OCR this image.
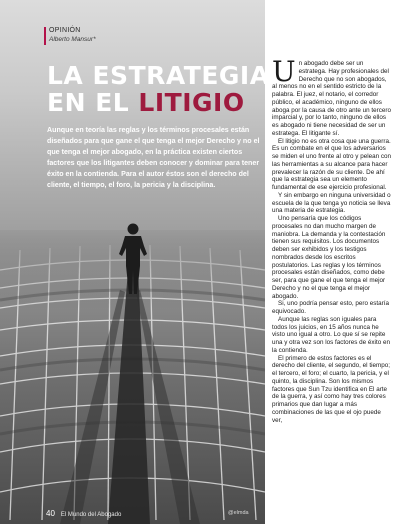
OPINIÓN
Alberto Mansur*
LA ESTRATEGIA
EN EL LITIGIO

Aunque en teoría las reglas y los términos procesales están diseñados para que gane el que tenga el mejor Derecho y no el que tenga el mejor abogado, en la práctica existen ciertos factores que los litigantes deben conocer y dominar para tener éxito en la contienda. Para el autor éstos son el derecho del cliente, el tiempo, el foro, la pericia y la disciplina.

Un abogado debe ser un estratega. Hay profesionales del Derecho que no son abogados, al menos no en el sentido estricto de la palabra. El juez, el notario, el corredor público, el académico, ninguno de ellos aboga por la causa de otro ante un tercero imparcial y, por lo tanto, ninguno de ellos es abogado ni tiene necesidad de ser un estratega. El litigante sí.

El litigio no es otra cosa que una guerra. Es un combate en el que los adversarios se miden el uno frente al otro y pelean con las herramientas a su alcance para hacer prevalecer la razón de su cliente. De ahí que la estrategia sea un elemento fundamental de ese ejercicio profesional.

Y sin embargo en ninguna universidad o escuela de la que tenga yo noticia se lleva una materia de estrategia.

Uno pensaría que los códigos procesales no dan mucho margen de maniobra. La demanda y la contestación tienen sus requisitos. Los documentos deben ser exhibidos y los testigos nombrados desde los escritos postulatorios. Las reglas y los términos procesales están diseñados, como debe ser, para que gane el que tenga el mejor Derecho y no el que tenga el mejor abogado.

Si, uno podría pensar esto, pero estaría equivocado.

Aunque las reglas son iguales para todos los juicios, en 15 años nunca he visto uno igual a otro. Lo que sí se repite una y otra vez son los factores de éxito en la contienda.

El primero de estos factores es el derecho del cliente, el segundo, el tiempo; el tercero, el foro; el cuarto, la pericia, y el quinto, la disciplina. Son los mismos factores que Sun Tzu identifica en El arte de la guerra, y así como hay tres colores primarios que dan lugar a más combinaciones de las que el ojo puede ver,

40 El Mundo del Abogado	@elmda
